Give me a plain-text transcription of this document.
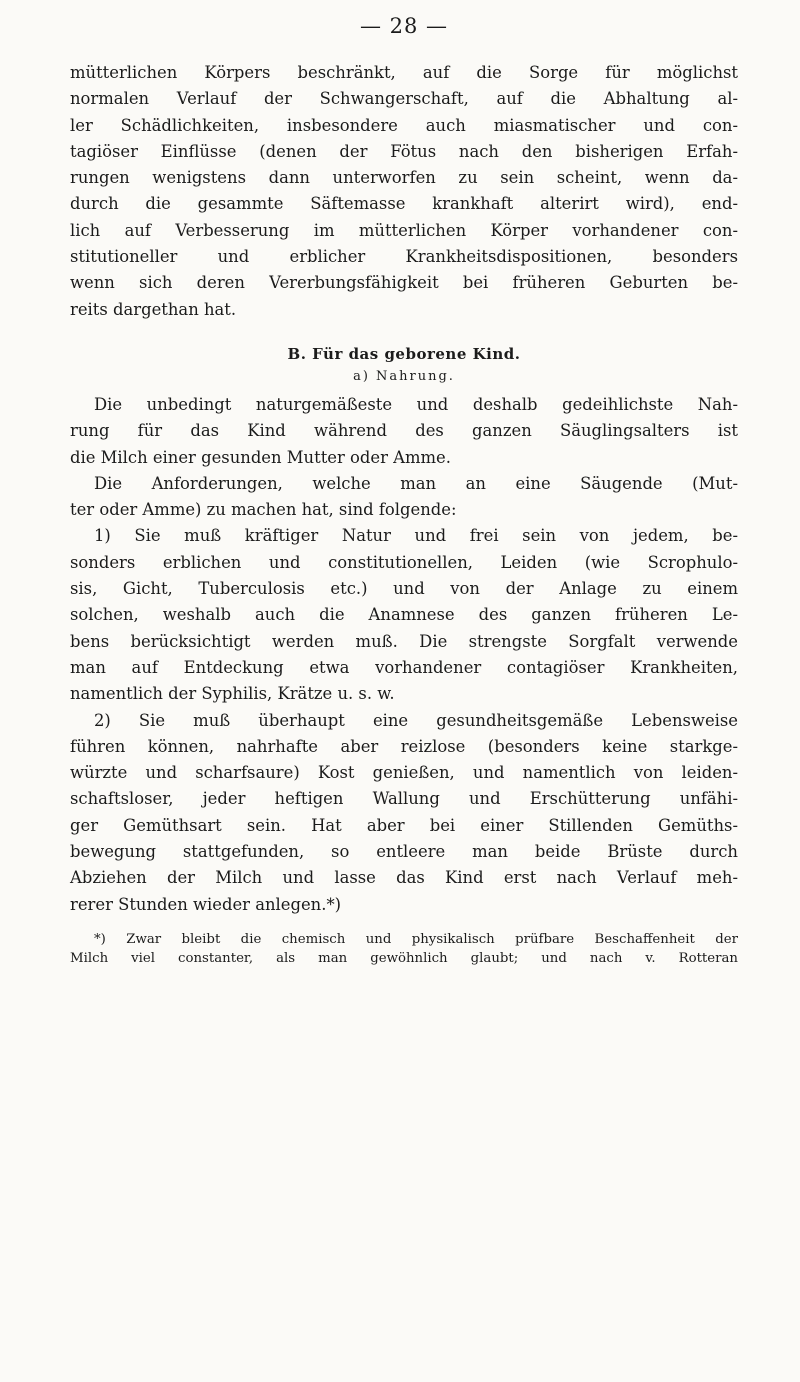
— 28 —

mütterlichen Körpers beschränkt, auf die Sorge für möglichst
normalen Verlauf der Schwangerschaft, auf die Abhaltung al-
ler Schädlichkeiten, insbesondere auch miasmatischer und con-
tagiöser Einflüsse (denen der Fötus nach den bisherigen Erfah-
rungen wenigstens dann unterworfen zu sein scheint, wenn da-
durch die gesammte Säftemasse krankhaft alterirt wird), end-
lich auf Verbesserung im mütterlichen Körper vorhandener con-
stitutioneller und erblicher Krankheitsdispositionen, besonders
wenn sich deren Vererbungsfähigkeit bei früheren Geburten be-
reits dargethan hat.

B. Für das geborene Kind.
a) Nahrung.

Die unbedingt naturgemäßeste und deshalb gedeihlichste Nah-
rung für das Kind während des ganzen Säuglingsalters ist
die Milch einer gesunden Mutter oder Amme.

Die Anforderungen, welche man an eine Säugende (Mut-
ter oder Amme) zu machen hat, sind folgende:

1) Sie muß kräftiger Natur und frei sein von jedem, be-
sonders erblichen und constitutionellen, Leiden (wie Scrophulo-
sis, Gicht, Tuberculosis etc.) und von der Anlage zu einem
solchen, weshalb auch die Anamnese des ganzen früheren Le-
bens berücksichtigt werden muß. Die strengste Sorgfalt verwende
man auf Entdeckung etwa vorhandener contagiöser Krankheiten,
namentlich der Syphilis, Krätze u. s. w.

2) Sie muß überhaupt eine gesundheitsgemäße Lebensweise
führen können, nahrhafte aber reizlose (besonders keine starkge-
würzte und scharfsaure) Kost genießen, und namentlich von leiden-
schaftsloser, jeder heftigen Wallung und Erschütterung unfähi-
ger Gemüthsart sein. Hat aber bei einer Stillenden Gemüths-
bewegung stattgefunden, so entleere man beide Brüste durch
Abziehen der Milch und lasse das Kind erst nach Verlauf meh-
rerer Stunden wieder anlegen.*)

*) Zwar bleibt die chemisch und physikalisch prüfbare Beschaffenheit der
Milch viel constanter, als man gewöhnlich glaubt; und nach v. Rotteran
